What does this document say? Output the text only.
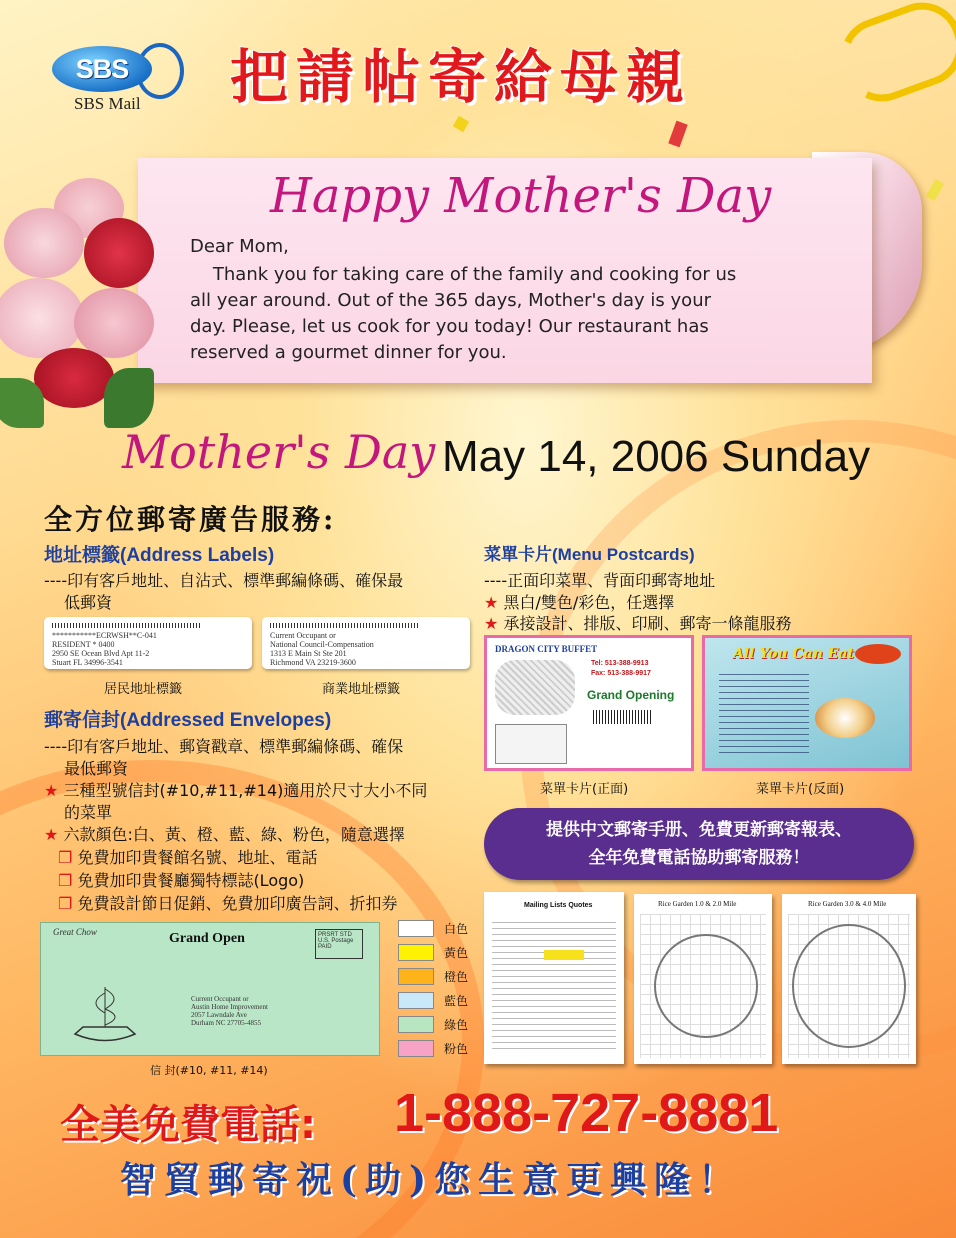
SBS
SBS Mail 把請帖寄給母親
Happy Mother's Day
Dear Mom,
Thank you for taking care of the family and cooking for us
all year around. Out of the 365 days, Mother's day is your
day. Please, let us cook for you today! Our restaurant has
reserved a gourmet dinner for you.
Mother's Day May 14, 2006 Sunday
全方位郵寄廣告服務:
地址標籤(Address Labels)
----印有客戶地址、自沾式、標準郵編條碼、確保最
低郵資
***********ECRWSH**C-041
RESIDENT * 0400
2950 SE Ocean Blvd Apt 11-2
Stuart FL 34996-3541
Current Occupant or
National Council-Compensation
1313 E Main St Ste 201
Richmond VA 23219-3600
居民地址標籤	商業地址標籤
郵寄信封(Addressed Envelopes)
----印有客戶地址、郵資戳章、標準郵編條碼、確保
最低郵資
★ 三種型號信封(#10,#11,#14)適用於尺寸大小不同
的菜單
★ 六款顏色:白、黃、橙、藍、綠、粉色，隨意選擇
❐ 免費加印貴餐館名號、地址、電話
❐ 免費加印貴餐廳獨特標誌(Logo)
❐ 免費設計節日促銷、免費加印廣告詞、折扣券
Great Chow	Grand Open	PRSRT STD U.S. Postage PAID
Current Occupant or
Austin Home Improvement
2057 Lawndale Ave
Durham NC 27705-4855
信 封(#10, #11, #14)
白色
黃色
橙色
藍色
綠色
粉色
菜單卡片(Menu Postcards)
----正面印菜單、背面印郵寄地址
★ 黑白/雙色/彩色，任選擇
★ 承接設計、排版、印刷、郵寄一條龍服務
DRAGON CITY BUFFET
Tel: 513-388-9913
Fax: 513-388-9917
Grand Opening
All You Can Eat
菜單卡片(正面)	菜單卡片(反面)
提供中文郵寄手册、免費更新郵寄報表、
全年免費電話協助郵寄服務！
Mailing Lists Quotes	Rice Garden 1.0 & 2.0 Mile	Rice Garden 3.0 & 4.0 Mile
全美免費電話: 1-888-727-8881
智貿郵寄祝(助)您生意更興隆！
